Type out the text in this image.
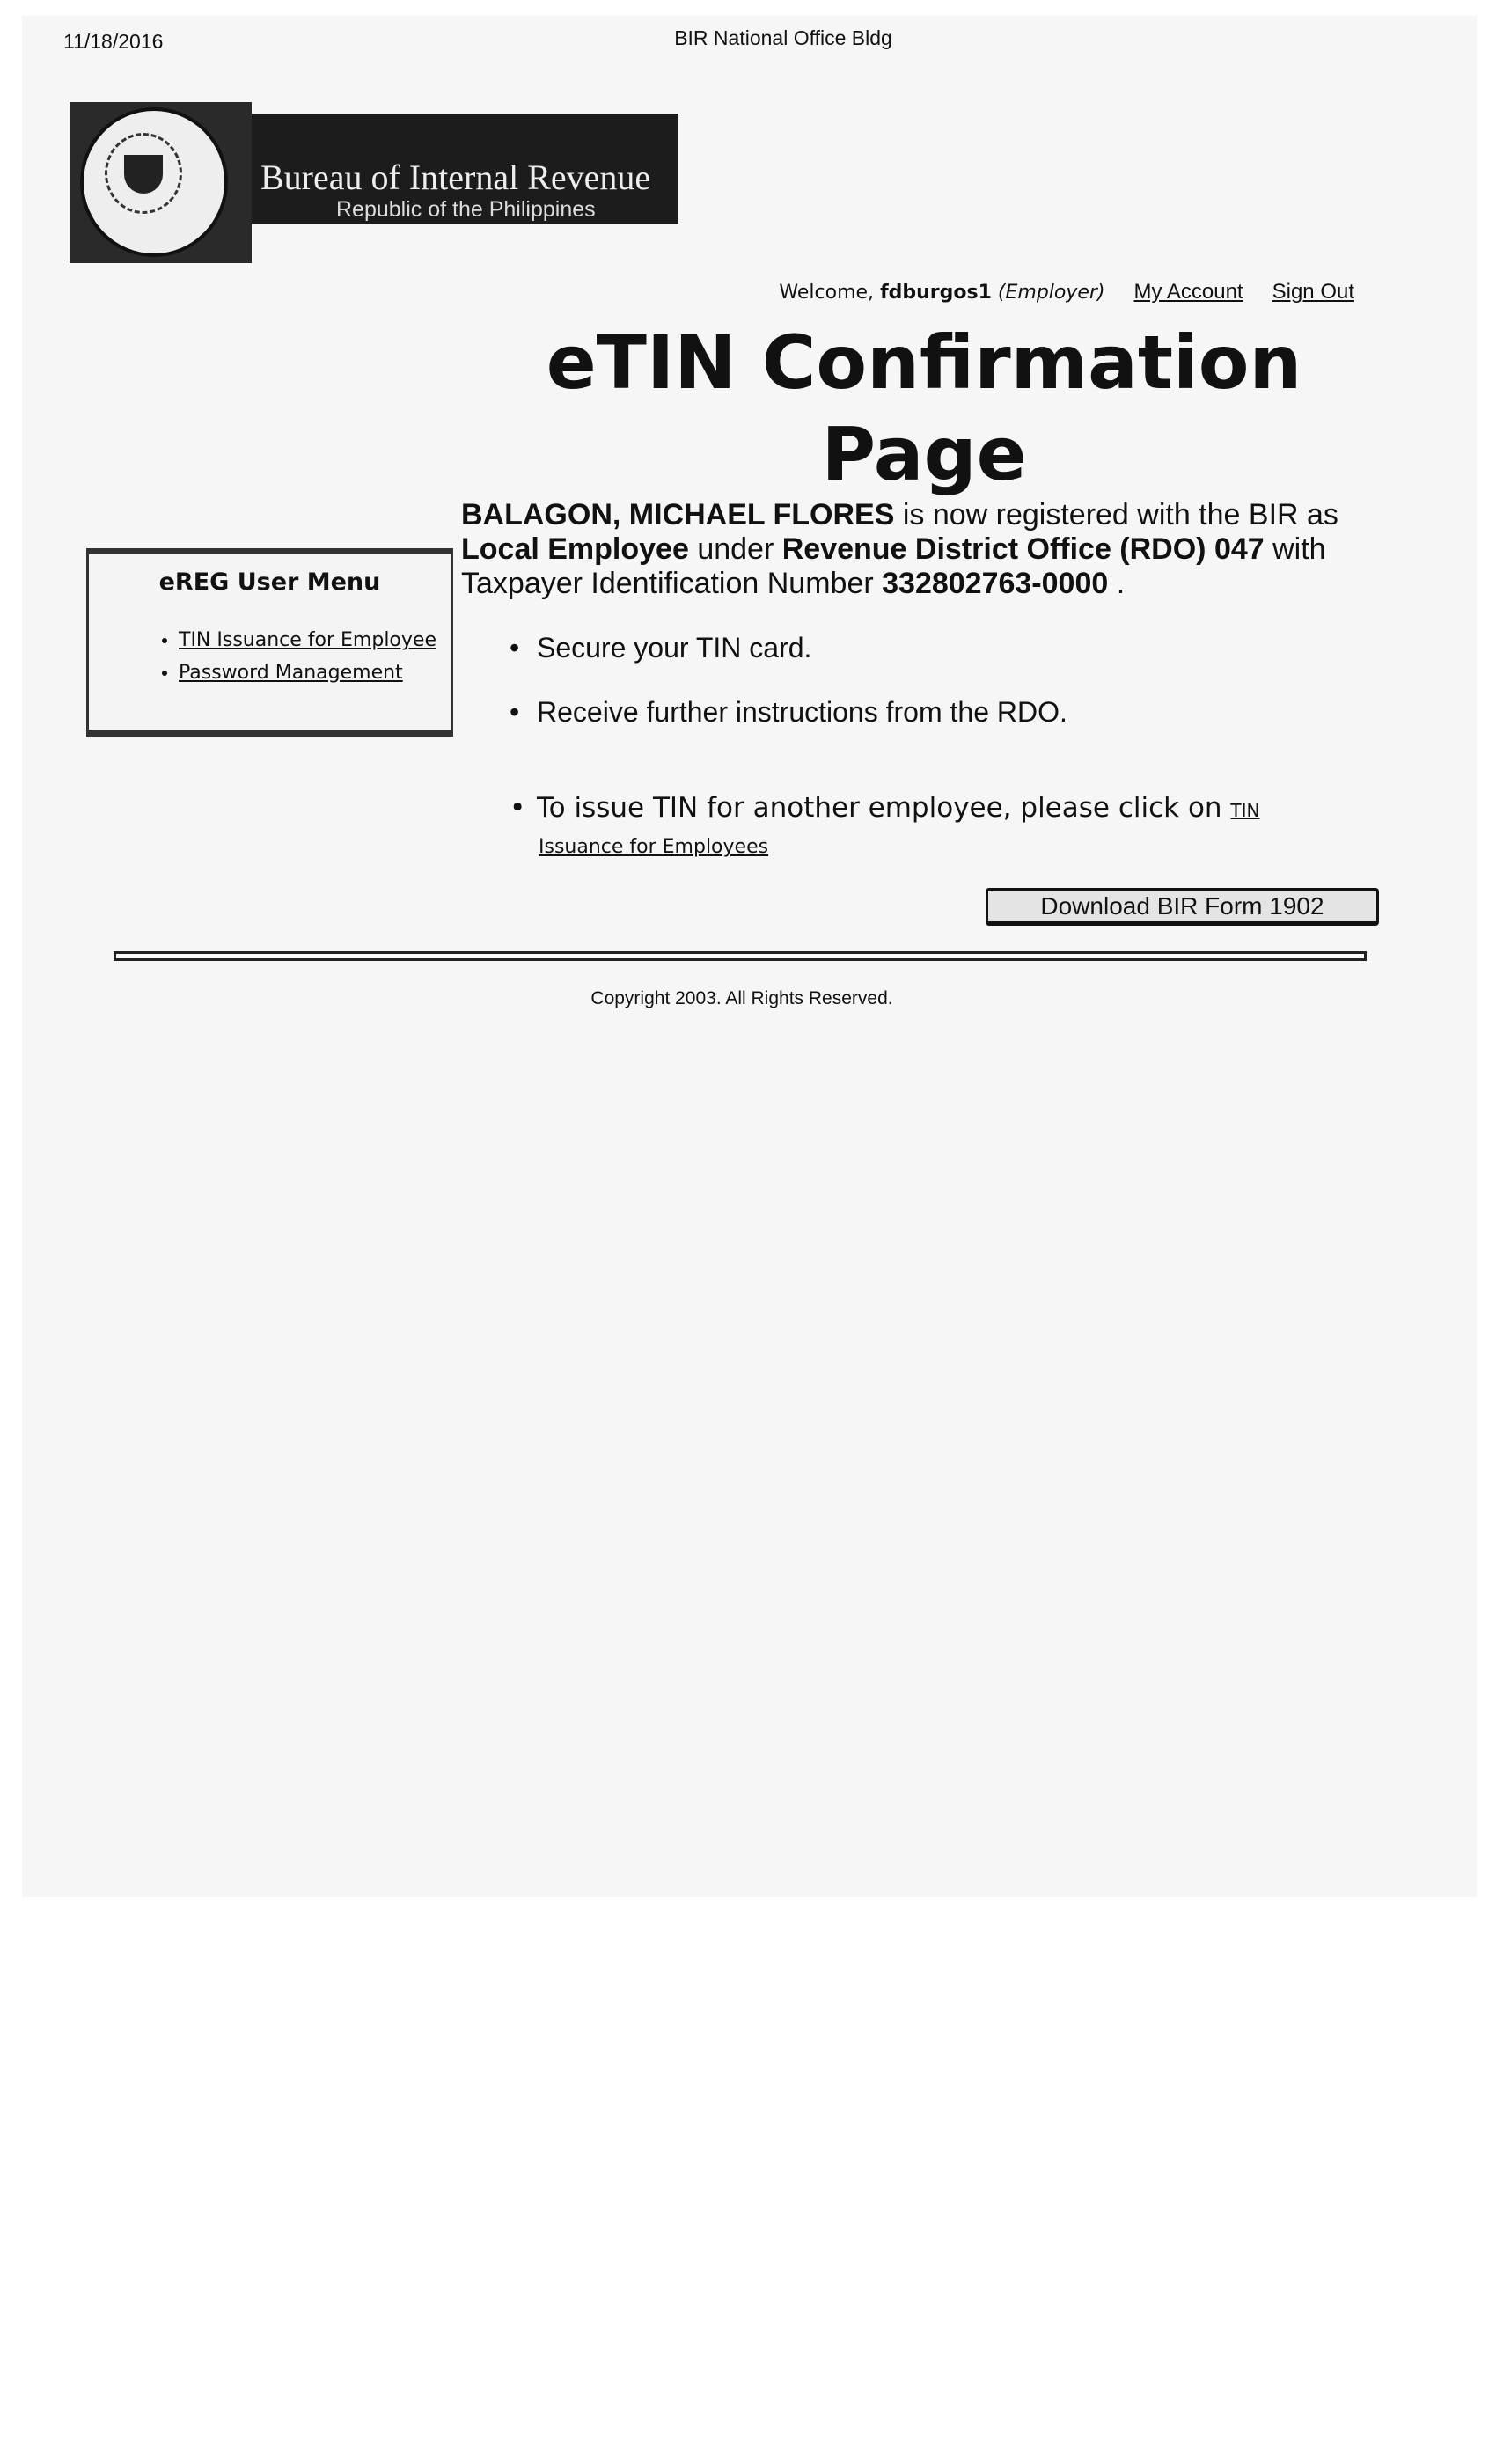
11/18/2016	BIR National Office Bldg
Bureau of Internal Revenue
Republic of the Philippines
Welcome, fdburgos1 (Employer) My Account Sign Out
eTIN Confirmation Page
BALAGON, MICHAEL FLORES is now registered with the BIR as Local Employee under Revenue District Office (RDO) 047 with Taxpayer Identification Number 332802763-0000 .
eREG User Menu
• TIN Issuance for Employee
• Password Management
• Secure your TIN card.
• Receive further instructions from the RDO.
• To issue TIN for another employee, please click on TIN
Issuance for Employees
Download BIR Form 1902
Copyright 2003. All Rights Reserved.
